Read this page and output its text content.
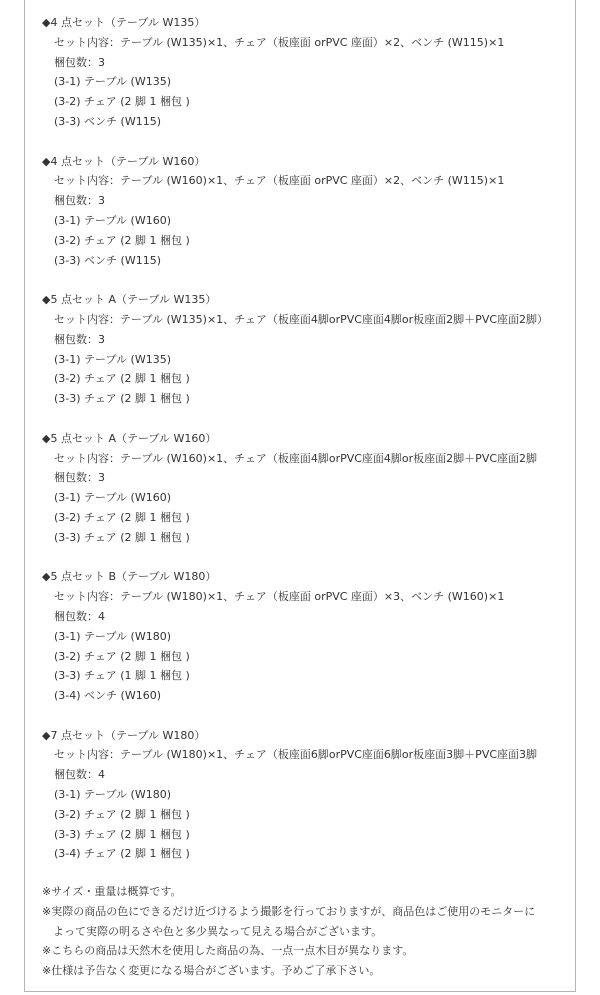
◆4 点セット（テーブル W135）
セット内容：テーブル (W135)×1、チェア（板座面 orPVC 座面）×2、ベンチ (W115)×1
梱包数：3
(3-1) テーブル (W135)
(3-2) チェア (2 脚 1 梱包 )
(3-3) ベンチ (W115)
◆4 点セット（テーブル W160）
セット内容：テーブル (W160)×1、チェア（板座面 orPVC 座面）×2、ベンチ (W115)×1
梱包数：3
(3-1) テーブル (W160)
(3-2) チェア (2 脚 1 梱包 )
(3-3) ベンチ (W115)
◆5 点セット A（テーブル W135）
セット内容：テーブル (W135)×1、チェア（板座面4脚orPVC座面4脚or板座面2脚＋PVC座面2脚）
梱包数：3
(3-1) テーブル (W135)
(3-2) チェア (2 脚 1 梱包 )
(3-3) チェア (2 脚 1 梱包 )
◆5 点セット A（テーブル W160）
セット内容：テーブル (W160)×1、チェア（板座面4脚orPVC座面4脚or板座面2脚＋PVC座面2脚
梱包数：3
(3-1) テーブル (W160)
(3-2) チェア (2 脚 1 梱包 )
(3-3) チェア (2 脚 1 梱包 )
◆5 点セット B（テーブル W180）
セット内容：テーブル (W180)×1、チェア（板座面 orPVC 座面）×3、ベンチ (W160)×1
梱包数：4
(3-1) テーブル (W180)
(3-2) チェア (2 脚 1 梱包 )
(3-3) チェア (1 脚 1 梱包 )
(3-4) ベンチ (W160)
◆7 点セット（テーブル W180）
セット内容：テーブル (W180)×1、チェア（板座面6脚orPVC座面6脚or板座面3脚＋PVC座面3脚
梱包数：4
(3-1) テーブル (W180)
(3-2) チェア (2 脚 1 梱包 )
(3-3) チェア (2 脚 1 梱包 )
(3-4) チェア (2 脚 1 梱包 )
※サイズ・重量は概算です。
※実際の商品の色にできるだけ近づけるよう撮影を行っておりますが、商品色はご使用のモニターに
よって実際の明るさや色と多少異なって見える場合がございます。
※こちらの商品は天然木を使用した商品の為、一点一点木目が異なります。
※仕様は予告なく変更になる場合がございます。予めご了承下さい。
